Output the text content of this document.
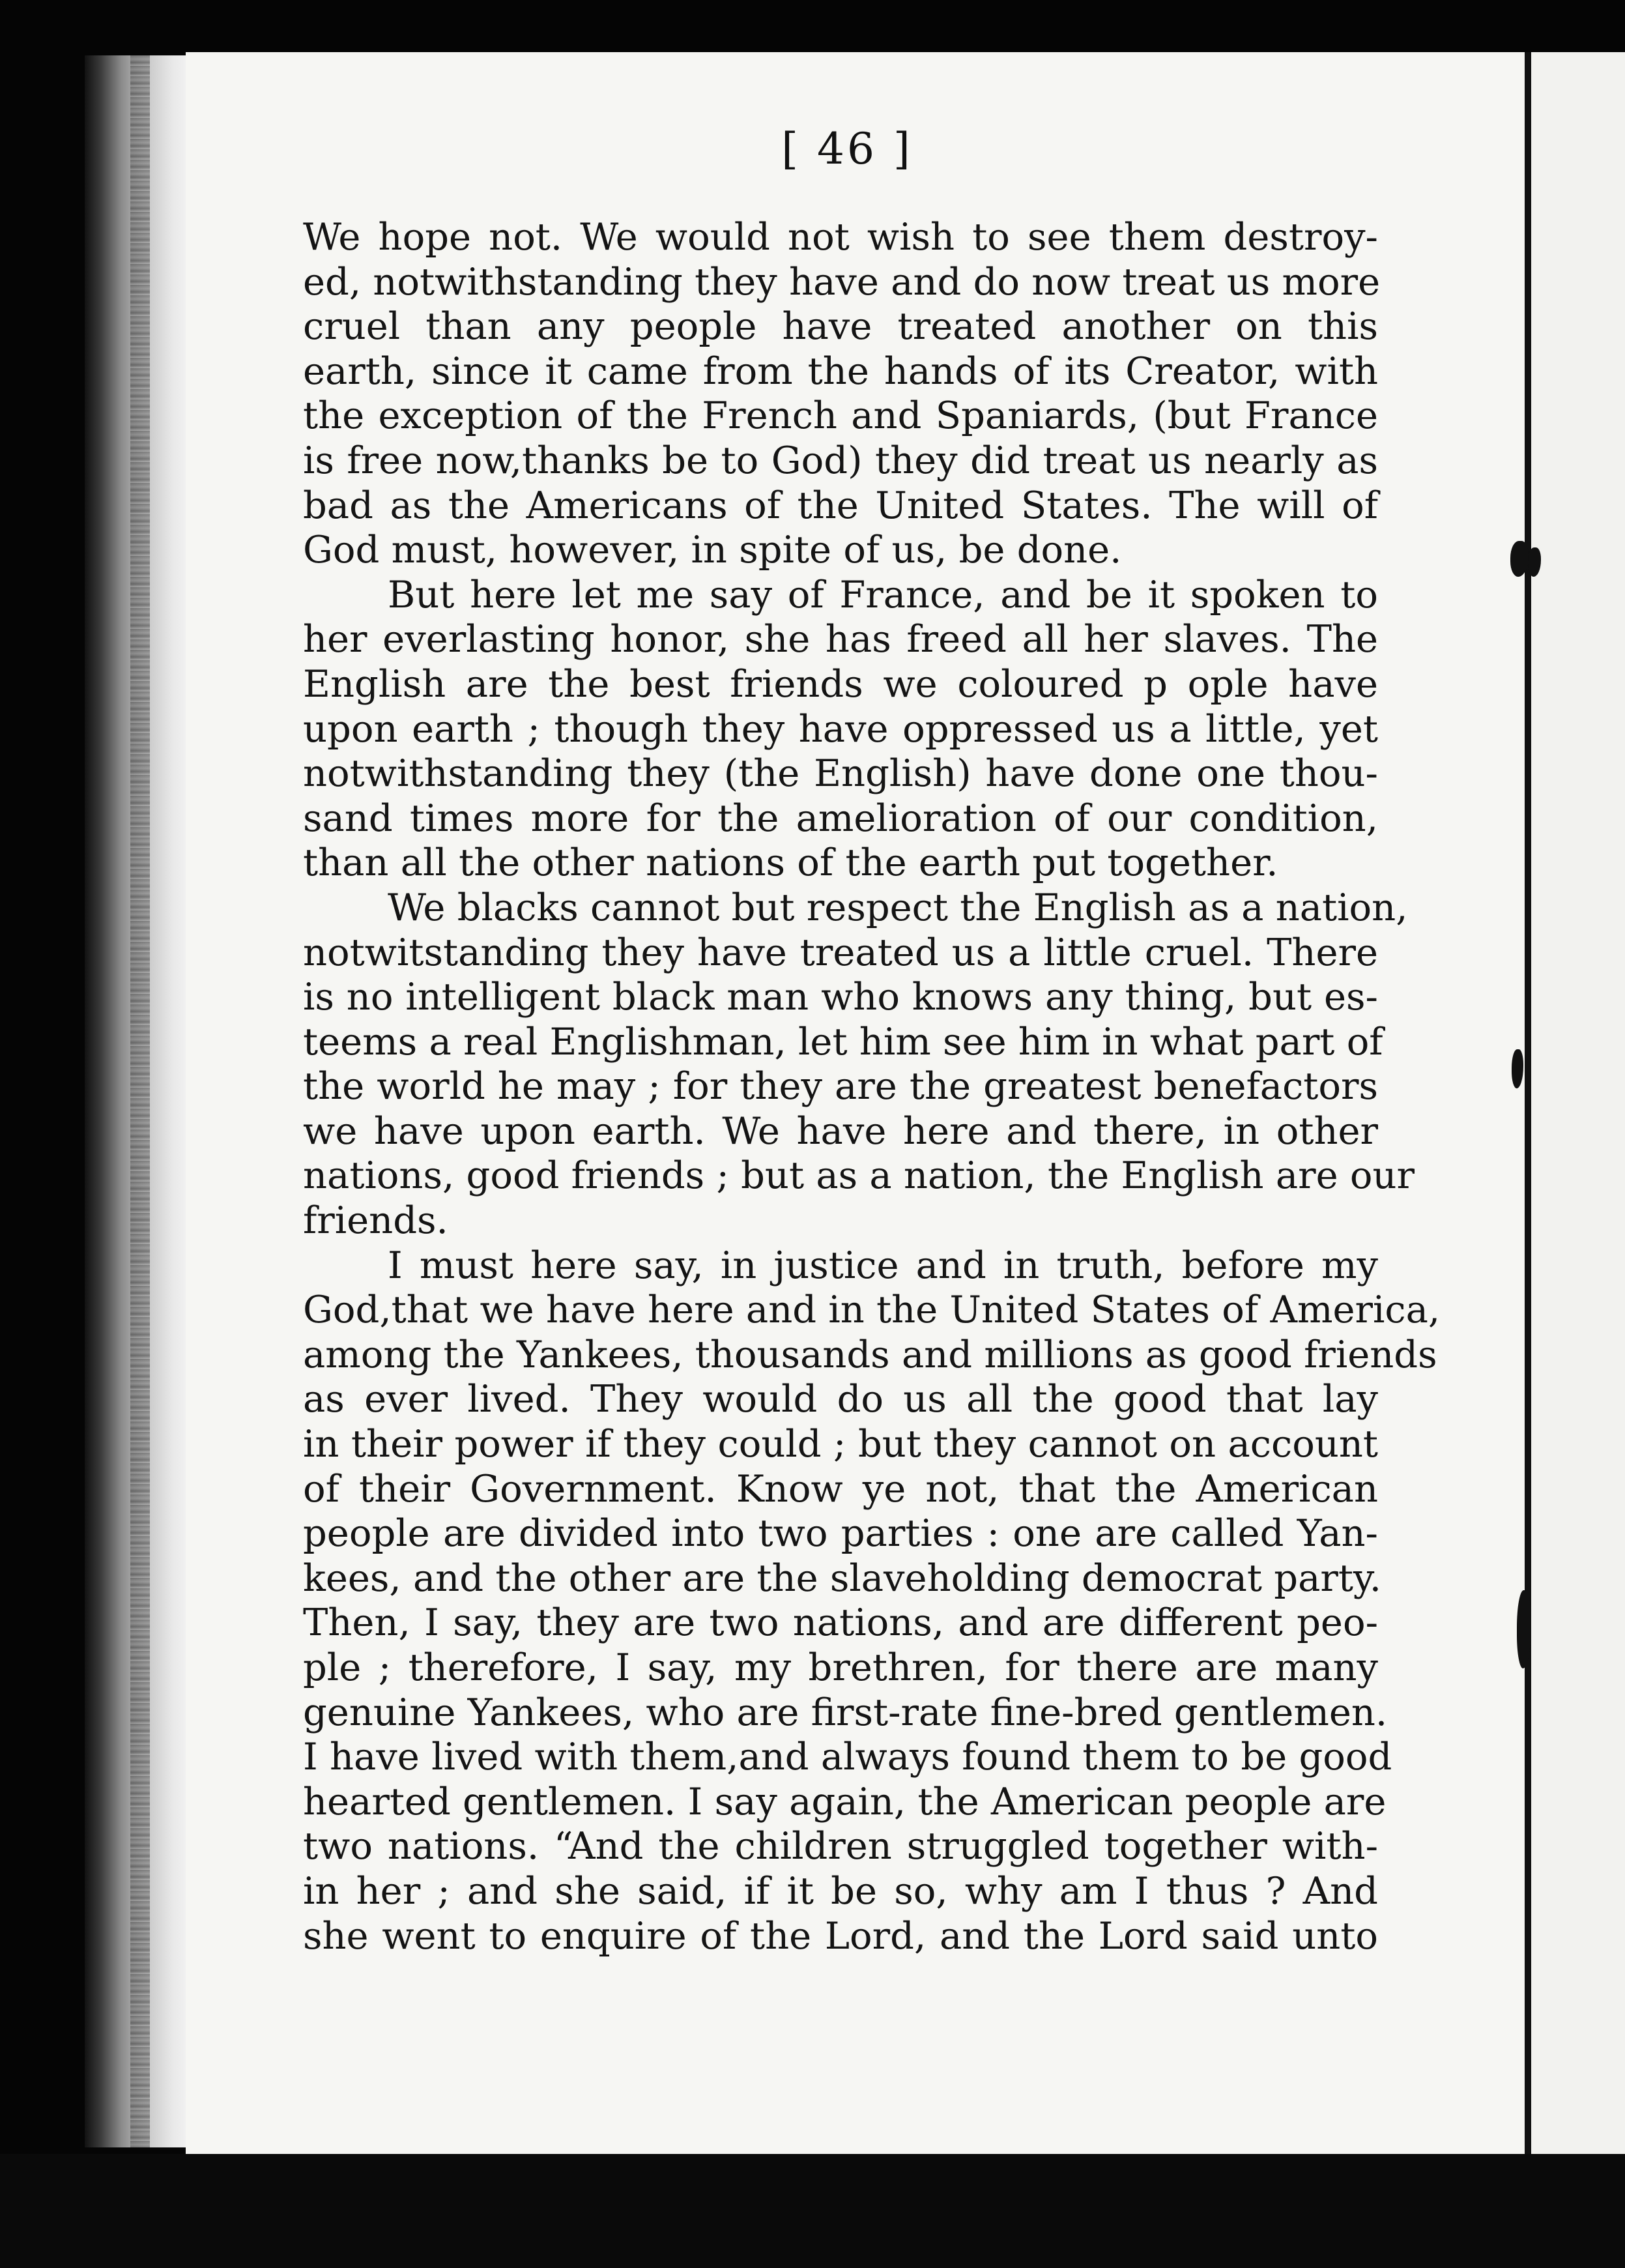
[ 46 ]
We hope not. We would not wish to see them destroy-
ed, notwithstanding they have and do now treat us more
cruel than any people have treated another on this
earth, since it came from the hands of its Creator, with
the exception of the French and Spaniards, (but France
is free now,thanks be to God) they did treat us nearly as
bad as the Americans of the United States. The will of
God must, however, in spite of us, be done.
But here let me say of France, and be it spoken to
her everlasting honor, she has freed all her slaves. The
English are the best friends we coloured p ople have
upon earth ; though they have oppressed us a little, yet
notwithstanding they (the English) have done one thou-
sand times more for the amelioration of our condition,
than all the other nations of the earth put together.
We blacks cannot but respect the English as a nation,
notwitstanding they have treated us a little cruel. There
is no intelligent black man who knows any thing, but es-
teems a real Englishman, let him see him in what part of
the world he may ; for they are the greatest benefactors
we have upon earth. We have here and there, in other
nations, good friends ; but as a nation, the English are our
friends.
I must here say, in justice and in truth, before my
God,that we have here and in the United States of America,
among the Yankees, thousands and millions as good friends
as ever lived. They would do us all the good that lay
in their power if they could ; but they cannot on account
of their Government. Know ye not, that the American
people are divided into two parties : one are called Yan-
kees, and the other are the slaveholding democrat party.
Then, I say, they are two nations, and are different peo-
ple ; therefore, I say, my brethren, for there are many
genuine Yankees, who are first-rate fine-bred gentlemen.
I have lived with them,and always found them to be good
hearted gentlemen. I say again, the American people are
two nations. “And the children struggled together with-
in her ; and she said, if it be so, why am I thus ? And
she went to enquire of the Lord, and the Lord said unto
